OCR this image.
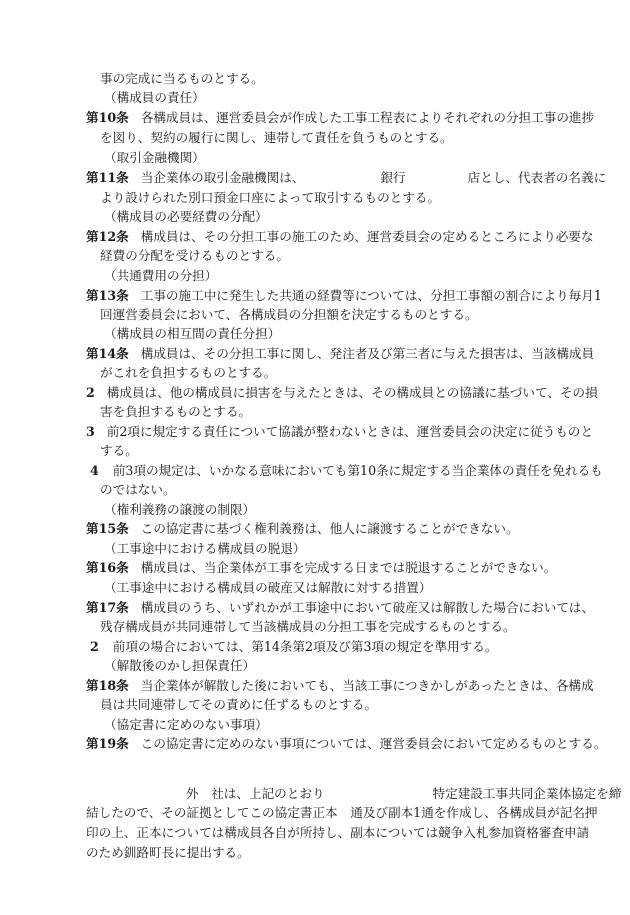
事の完成に当るものとする。
（構成員の責任）
第10条 各構成員は、運営委員会が作成した工事工程表によりそれぞれの分担工事の進捗
を図り、契約の履行に関し、連帯して責任を負うものとする。
（取引金融機関）
第11条 当企業体の取引金融機関は、	銀行	店とし、代表者の名義に
より設けられた別口預金口座によって取引するものとする。
（構成員の必要経費の分配）
第12条 構成員は、その分担工事の施工のため、運営委員会の定めるところにより必要な
経費の分配を受けるものとする。
（共通費用の分担）
第13条 工事の施工中に発生した共通の経費等については、分担工事額の割合により毎月1
回運営委員会において、各構成員の分担額を決定するものとする。
（構成員の相互間の責任分担）
第14条 構成員は、その分担工事に関し、発注者及び第三者に与えた損害は、当該構成員
がこれを負担するものとする。
2 構成員は、他の構成員に損害を与えたときは、その構成員との協議に基づいて、その損
害を負担するものとする。
3 前2項に規定する責任について協議が整わないときは、運営委員会の決定に従うものと
する。
4 前3項の規定は、いかなる意味においても第10条に規定する当企業体の責任を免れるも
のではない。
（権利義務の譲渡の制限）
第15条 この協定書に基づく権利義務は、他人に譲渡することができない。
（工事途中における構成員の脱退）
第16条 構成員は、当企業体が工事を完成する日までは脱退することができない。
（工事途中における構成員の破産又は解散に対する措置）
第17条 構成員のうち、いずれかが工事途中において破産又は解散した場合においては、
残存構成員が共同連帯して当該構成員の分担工事を完成するものとする。
2 前項の場合においては、第14条第2項及び第3項の規定を準用する。
（解散後のかし担保責任）
第18条 当企業体が解散した後においても、当該工事につきかしがあったときは、各構成
員は共同連帯してその責めに任ずるものとする。
（協定書に定めのない事項）
第19条 この協定書に定めのない事項については、運営委員会において定めるものとする。
外　社は、上記のとおり	特定建設工事共同企業体協定を締
結したので、その証拠としてこの協定書正本　通及び副本1通を作成し、各構成員が記名押
印の上、正本については構成員各自が所持し、副本については競争入札参加資格審査申請
のため釧路町長に提出する。
